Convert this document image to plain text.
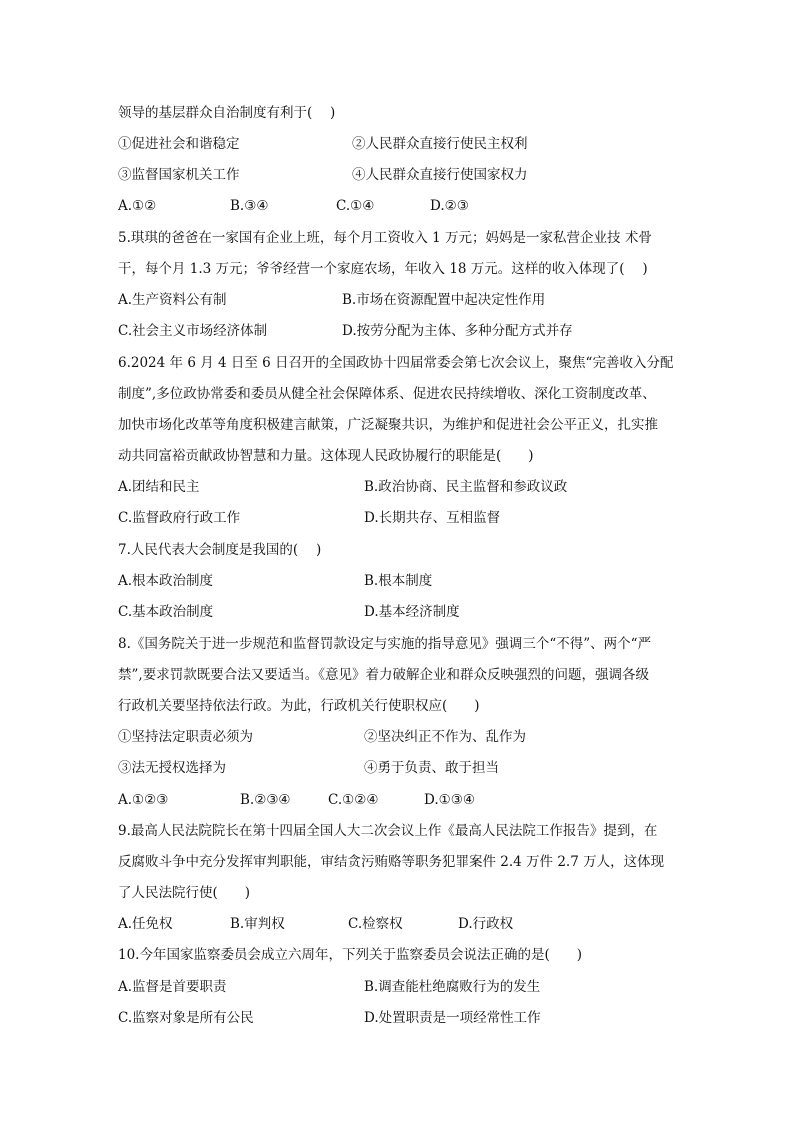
领导的基层群众自治制度有利于(　 )
①促进社会和谐稳定	②人民群众直接行使民主权利
③监督国家机关工作	④人民群众直接行使国家权力
A.①②	B.③④	C.①④	D.②③
5.琪琪的爸爸在一家国有企业上班，每个月工资收入 1 万元；妈妈是一家私营企业技 术骨
干，每个月 1.3 万元；爷爷经营一个家庭农场，年收入 18 万元。这样的收入体现了(　 )
A.生产资料公有制	B.市场在资源配置中起决定性作用
C.社会主义市场经济体制	D.按劳分配为主体、多种分配方式并存
6.2024 年 6 月 4 日至 6 日召开的全国政协十四届常委会第七次会议上，聚焦“完善收入分配
制度”,多位政协常委和委员从健全社会保障体系、促进农民持续增收、深化工资制度改革、
加快市场化改革等角度积极建言献策，广泛凝聚共识，为维护和促进社会公平正义，扎实推
动共同富裕贡献政协智慧和力量。这体现人民政协履行的职能是(　　)
A.团结和民主	B.政治协商、民主监督和参政议政
C.监督政府行政工作	D.长期共存、互相监督
7.人民代表大会制度是我国的(　 )
A.根本政治制度	B.根本制度
C.基本政治制度	D.基本经济制度
8.《国务院关于进一步规范和监督罚款设定与实施的指导意见》强调三个“不得”、两个“严
禁”,要求罚款既要合法又要适当。《意见》着力破解企业和群众反映强烈的问题，强调各级
行政机关要坚持依法行政。为此，行政机关行使职权应(　　)
①坚持法定职责必须为	②坚决纠正不作为、乱作为
③法无授权选择为	④勇于负责、敢于担当
A.①②③	B.②③④	C.①②④	D.①③④
9.最高人民法院院长在第十四届全国人大二次会议上作《最高人民法院工作报告》提到，在
反腐败斗争中充分发挥审判职能，审结贪污贿赂等职务犯罪案件 2.4 万件 2.7 万人，这体现
了人民法院行使(　　)
A.任免权	B.审判权	C.检察权	D.行政权
10.今年国家监察委员会成立六周年，下列关于监察委员会说法正确的是(　　)
A.监督是首要职责	B.调查能杜绝腐败行为的发生
C.监察对象是所有公民	D.处置职责是一项经常性工作
